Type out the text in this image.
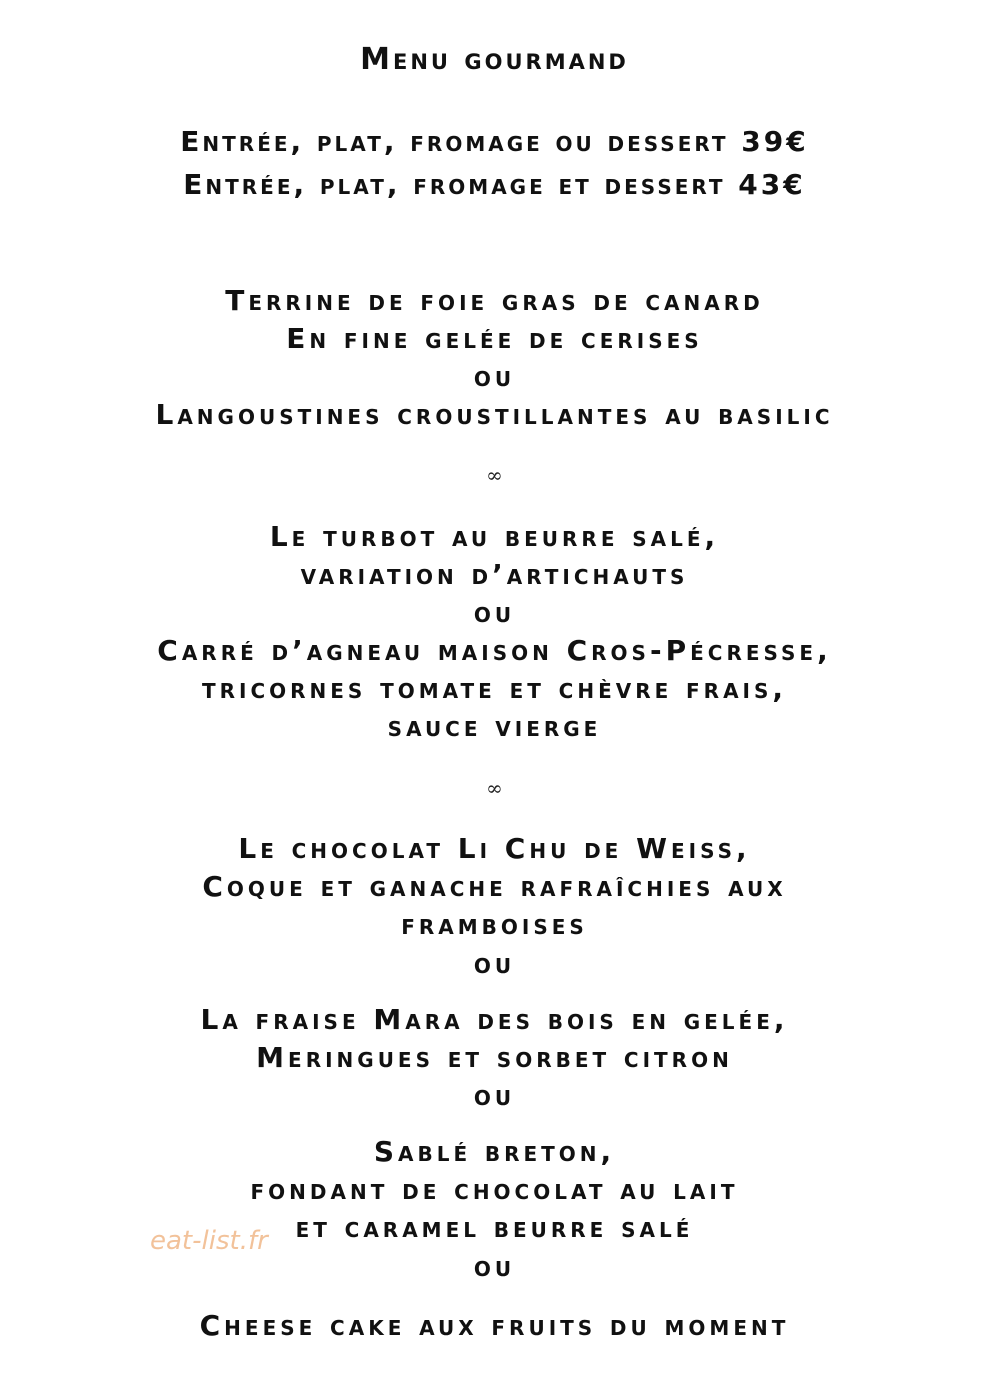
Menu gourmand
Entrée, plat, fromage ou dessert 39€
Entrée, plat, fromage et dessert 43€
Terrine de foie gras de canard
En fine gelée de cerises
ou
Langoustines croustillantes au basilic
∞
Le turbot au beurre salé,
variation d’artichauts
ou
Carré d’agneau maison Cros-Pécresse,
tricornes tomate et chèvre frais,
sauce vierge
∞
Le chocolat Li Chu de Weiss,
Coque et ganache rafraîchies aux
framboises
ou
La fraise Mara des bois en gelée,
Meringues et sorbet citron
ou
Sablé breton,
fondant de chocolat au lait
et caramel beurre salé
ou
Cheese cake aux fruits du moment
eat-list.fr
